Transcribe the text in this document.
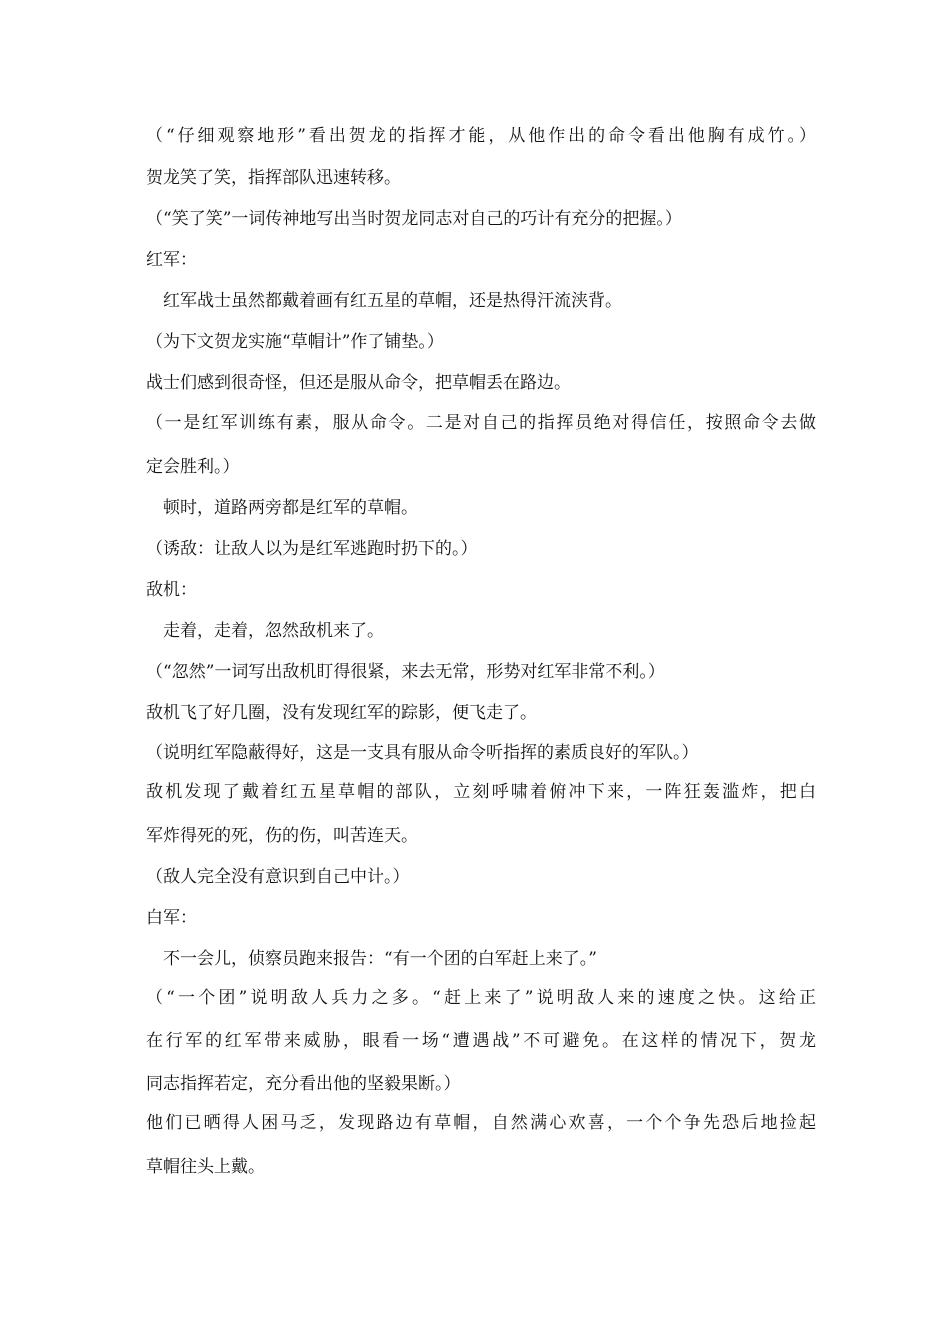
（“仔细观察地形”看出贺龙的指挥才能，从他作出的命令看出他胸有成竹。）
贺龙笑了笑，指挥部队迅速转移。
（“笑了笑”一词传神地写出当时贺龙同志对自己的巧计有充分的把握。）
红军：
红军战士虽然都戴着画有红五星的草帽，还是热得汗流浃背。
（为下文贺龙实施“草帽计”作了铺垫。）
战士们感到很奇怪，但还是服从命令，把草帽丢在路边。
（一是红军训练有素，服从命令。二是对自己的指挥员绝对得信任，按照命令去做
定会胜利。）
顿时，道路两旁都是红军的草帽。
（诱敌：让敌人以为是红军逃跑时扔下的。）
敌机：
走着，走着，忽然敌机来了。
（“忽然”一词写出敌机盯得很紧，来去无常，形势对红军非常不利。）
敌机飞了好几圈，没有发现红军的踪影，便飞走了。
（说明红军隐蔽得好，这是一支具有服从命令听指挥的素质良好的军队。）
敌机发现了戴着红五星草帽的部队，立刻呼啸着俯冲下来，一阵狂轰滥炸，把白
军炸得死的死，伤的伤，叫苦连天。
（敌人完全没有意识到自己中计。）
白军：
不一会儿，侦察员跑来报告：“有一个团的白军赶上来了。”
（“一个团”说明敌人兵力之多。“赶上来了”说明敌人来的速度之快。这给正
在行军的红军带来威胁，眼看一场“遭遇战”不可避免。在这样的情况下，贺龙
同志指挥若定，充分看出他的坚毅果断。）
他们已晒得人困马乏，发现路边有草帽，自然满心欢喜，一个个争先恐后地捡起
草帽往头上戴。
